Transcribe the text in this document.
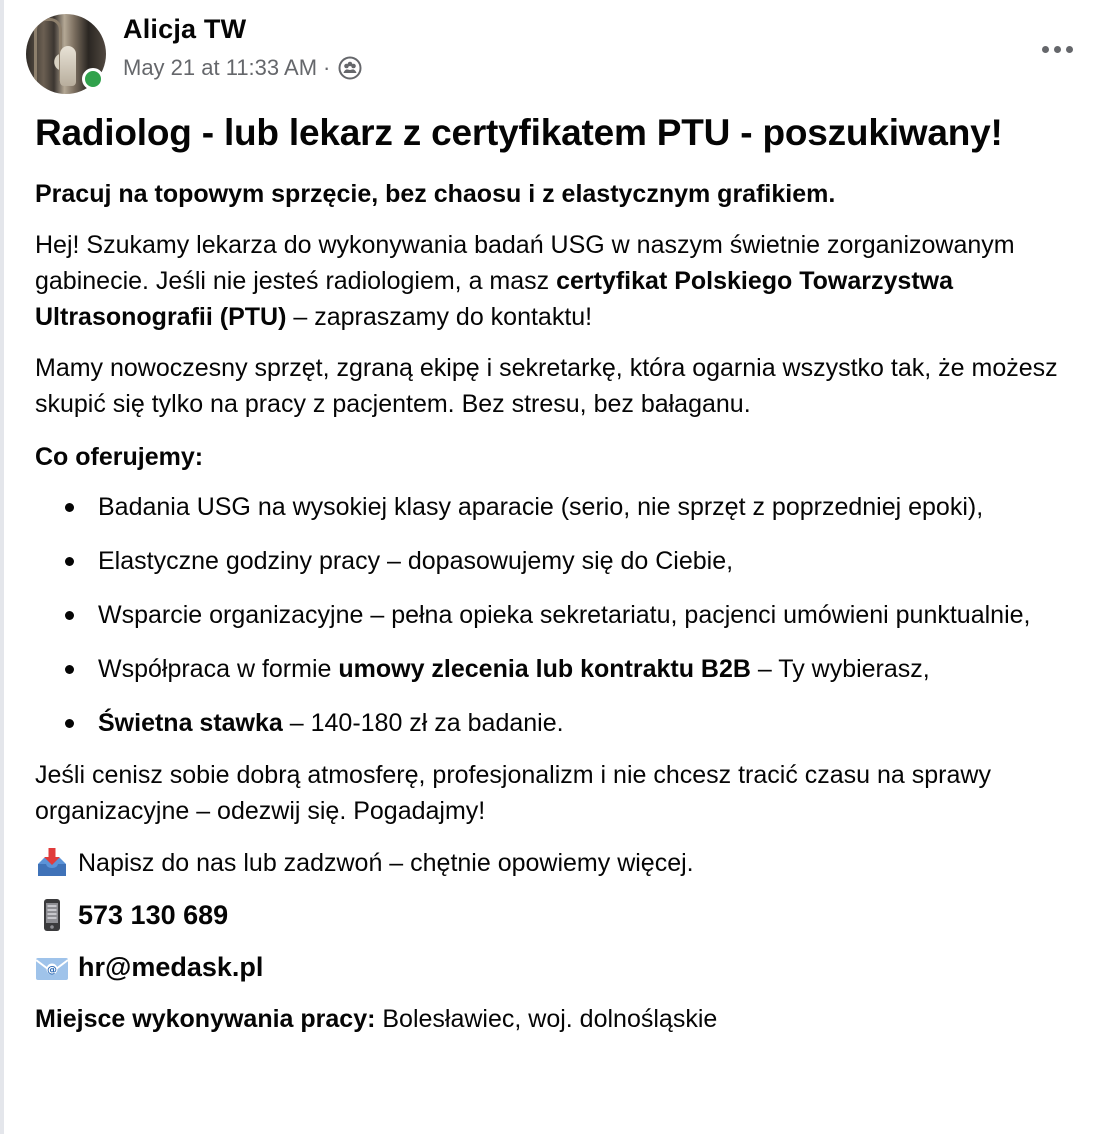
Alicja TW
May 21 at 11:33 AM ·
Radiolog - lub lekarz z certyfikatem PTU - poszukiwany!

Pracuj na topowym sprzęcie, bez chaosu i z elastycznym grafikiem.

Hej! Szukamy lekarza do wykonywania badań USG w naszym świetnie zorganizowanym gabinecie. Jeśli nie jesteś radiologiem, a masz certyfikat Polskiego Towarzystwa Ultrasonografii (PTU) – zapraszamy do kontaktu!

Mamy nowoczesny sprzęt, zgraną ekipę i sekretarkę, która ogarnia wszystko tak, że możesz skupić się tylko na pracy z pacjentem. Bez stresu, bez bałaganu.

Co oferujemy:

Badania USG na wysokiej klasy aparacie (serio, nie sprzęt z poprzedniej epoki),
Elastyczne godziny pracy – dopasowujemy się do Ciebie,
Wsparcie organizacyjne – pełna opieka sekretariatu, pacjenci umówieni punktualnie,
Współpraca w formie umowy zlecenia lub kontraktu B2B – Ty wybierasz,
Świetna stawka – 140-180 zł za badanie.

Jeśli cenisz sobie dobrą atmosferę, profesjonalizm i nie chcesz tracić czasu na sprawy organizacyjne – odezwij się. Pogadajmy!

Napisz do nas lub zadzwoń – chętnie opowiemy więcej.

573 130 689

@ hr@medask.pl

Miejsce wykonywania pracy: Bolesławiec, woj. dolnośląskie
